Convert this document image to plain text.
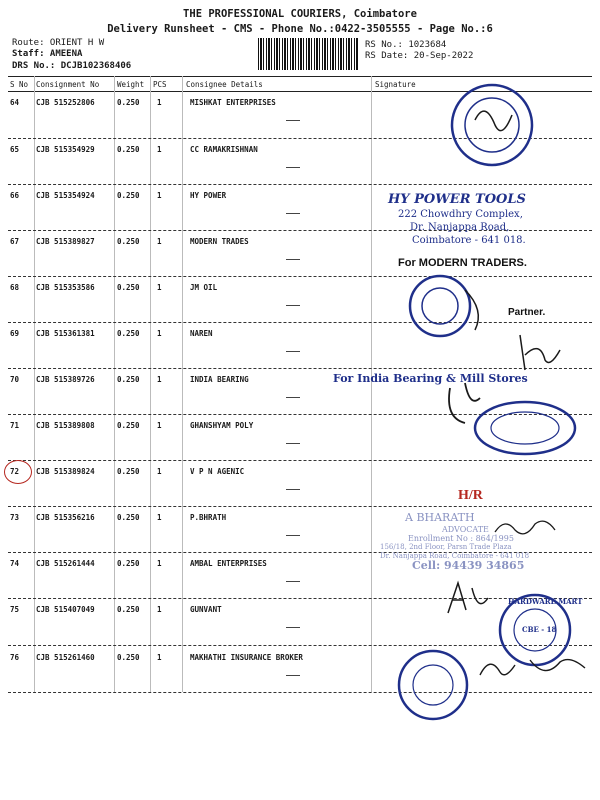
THE PROFESSIONAL COURIERS, Coimbatore
Delivery Runsheet - CMS - Phone No.:0422-3505555 - Page No.:6
Route: ORIENT H W
Staff: AMEENA
DRS No.: DCJB102368406
RS No.: 1023684
RS Date: 20-Sep-2022
S No Consignment No Weight PCS	Consignee Details	Signature
64 CJB 515252806	0.250 1	MISHKAT ENTERPRISES
65 CJB 515354929	0.250 1	CC RAMAKRISHNAN
66 CJB 515354924	0.250 1	HY POWER
67 CJB 515389827	0.250 1	MODERN TRADES
68 CJB 515353586	0.250 1	JM OIL
69 CJB 515361381	0.250 1	NAREN
70 CJB 515389726	0.250 1	INDIA BEARING
71 CJB 515389808	0.250 1	GHANSHYAM POLY
72 CJB 515389824	0.250 1	V P N AGENIC
73 CJB 515356216	0.250 1	P.BHRATH
74 CJB 515261444	0.250 1	AMBAL ENTERPRISES
75 CJB 515407049	0.250 1	GUNVANT
76 CJB 515261460	0.250 1	MAKHATHI INSURANCE BROKER
HY POWER TOOLS
222 Chowdhry Complex,
Dr. Nanjappa Road,
Coimbatore - 641 018.
For MODERN TRADERS.
Partner.
For India Bearing & Mill Stores
H/R
A BHARATH
ADVOCATE
Enrollment No : 864/1995
156/18, 2nd Floor, Parsn Trade Plaza
Dr. Nanjappa Road, Coimbatore - 641 018
Cell: 94439 34865
HARDWARE MART
CBE - 18
